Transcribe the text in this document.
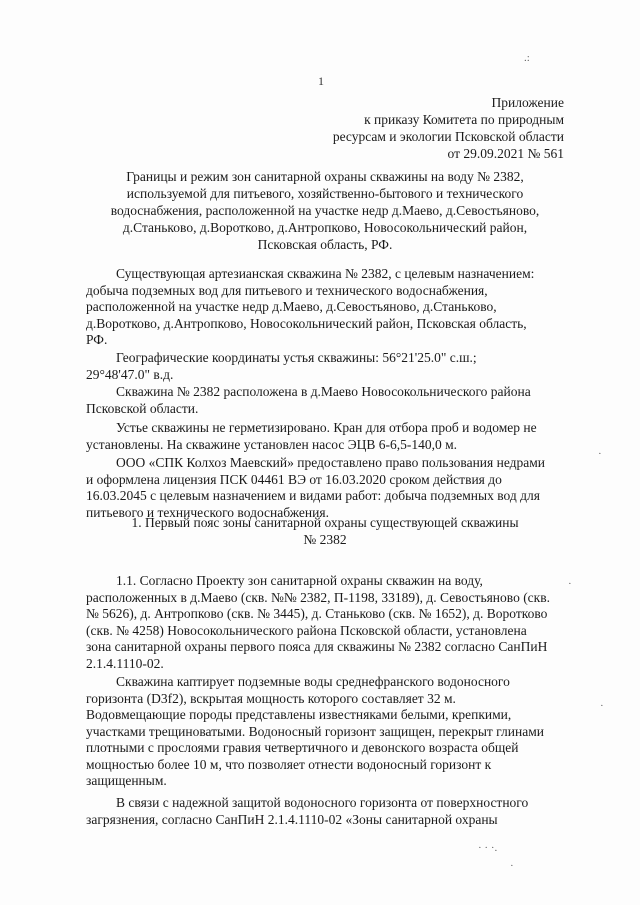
1
Приложение
к приказу Комитета по природным
ресурсам и экологии Псковской области
от 29.09.2021 № 561
Границы и режим зон санитарной охраны скважины на воду № 2382,
используемой для питьевого, хозяйственно-бытового и технического
водоснабжения, расположенной на участке недр д.Маево, д.Севостьяново,
д.Станьково, д.Воротково, д.Антропково, Новосокольнический район,
Псковская область, РФ.
Существующая артезианская скважина № 2382, с целевым назначением:
добыча подземных вод для питьевого и технического водоснабжения,
расположенной на участке недр д.Маево, д.Севостьяново, д.Станьково,
д.Воротково, д.Антропково, Новосокольнический район, Псковская область,
РФ.
Географические координаты устья скважины: 56°21'25.0" с.ш.;
29°48'47.0" в.д.
Скважина № 2382 расположена в д.Маево Новосокольнического района
Псковской области.
Устье скважины не герметизировано. Кран для отбора проб и водомер не
установлены. На скважине установлен насос ЭЦВ 6-6,5-140,0 м.
ООО «СПК Колхоз Маевский» предоставлено право пользования недрами
и оформлена лицензия ПСК 04461 ВЭ от 16.03.2020 сроком действия до
16.03.2045 с целевым назначением и видами работ: добыча подземных вод для
питьевого и технического водоснабжения.
1. Первый пояс зоны санитарной охраны существующей скважины
№ 2382
1.1. Согласно Проекту зон санитарной охраны скважин на воду,
расположенных в д.Маево (скв. №№ 2382, П-1198, 33189), д. Севостьяново (скв.
№ 5626), д. Антропково (скв. № 3445), д. Станьково (скв. № 1652), д. Воротково
(скв. № 4258) Новосокольнического района Псковской области, установлена
зона санитарной охраны первого пояса для скважины № 2382 согласно СанПиН
2.1.4.1110-02.
Скважина каптирует подземные воды среднефранского водоносного
горизонта (D3f2), вскрытая мощность которого составляет 32 м.
Водовмещающие породы представлены известняками белыми, крепкими,
участками трещиноватыми. Водоносный горизонт защищен, перекрыт глинами
плотными с прослоями гравия четвертичного и девонского возраста общей
мощностью более 10 м, что позволяет отнести водоносный горизонт к
защищенным.
В связи с надежной защитой водоносного горизонта от поверхностного
загрязнения, согласно СанПиН 2.1.4.1110-02 «Зоны санитарной охраны
.:
·
·
·
· · ·.
·
